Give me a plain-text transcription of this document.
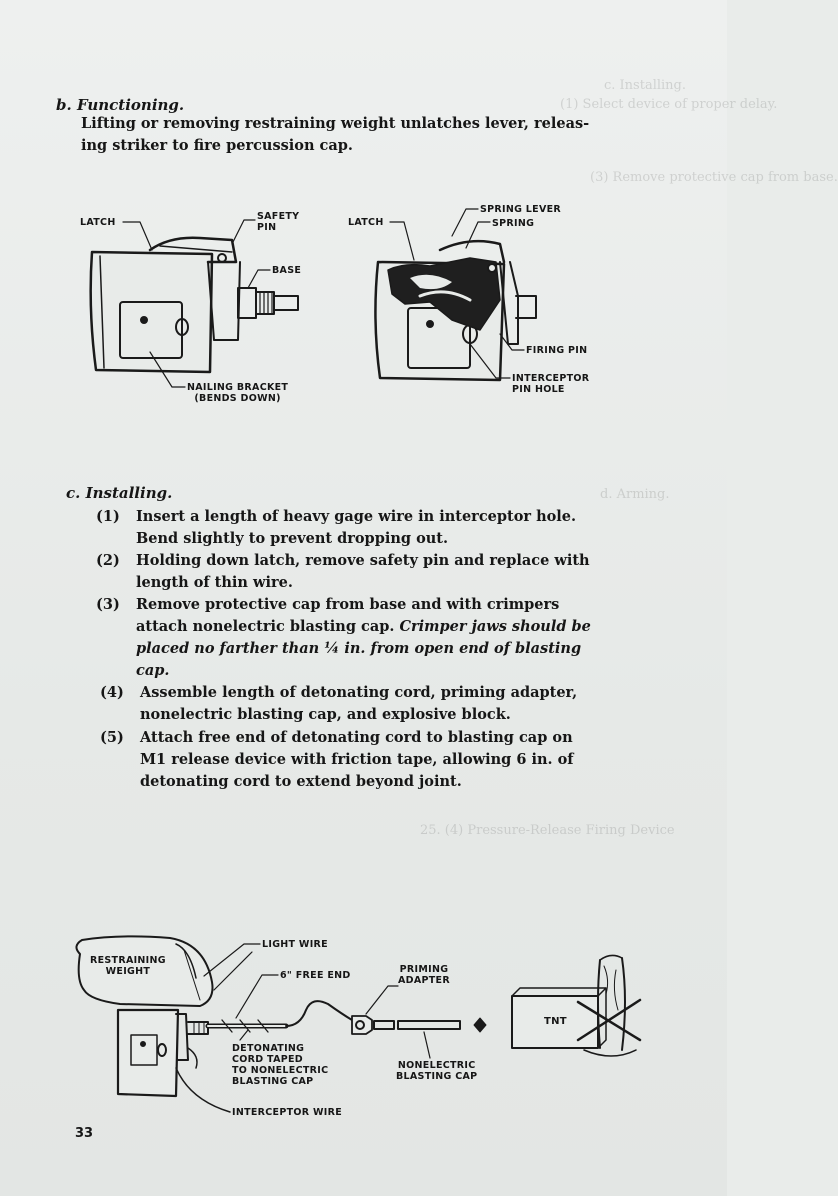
c. Installing.
(1) Select device of proper delay.
(3) Remove protective cap from base.
d. Arming.
25. (4) Pressure-Release Firing Device
b. Functioning.
Lifting or removing restraining weight unlatches lever, releas-
ing striker to fire percussion cap.
LATCH
SAFETY
PIN
BASE
NAILING BRACKET
(BENDS DOWN)
LATCH
SPRING LEVER
SPRING
FIRING PIN
INTERCEPTOR
PIN HOLE
c. Installing.
(1) Insert a length of heavy gage wire in interceptor hole.
Bend slightly to prevent dropping out.
(2) Holding down latch, remove safety pin and replace with
length of thin wire.
(3) Remove protective cap from base and with crimpers
attach nonelectric blasting cap. Crimper jaws should be
placed no farther than ¼ in. from open end of blasting
cap.
(4) Assemble length of detonating cord, priming adapter,
nonelectric blasting cap, and explosive block.
(5) Attach free end of detonating cord to blasting cap on
M1 release device with friction tape, allowing 6 in. of
detonating cord to extend beyond joint.
RESTRAINING
WEIGHT
LIGHT WIRE
6" FREE END
PRIMING
ADAPTER
TNT
DETONATING
CORD TAPED
TO NONELECTRIC
BLASTING CAP
NONELECTRIC
BLASTING CAP
INTERCEPTOR WIRE
33
